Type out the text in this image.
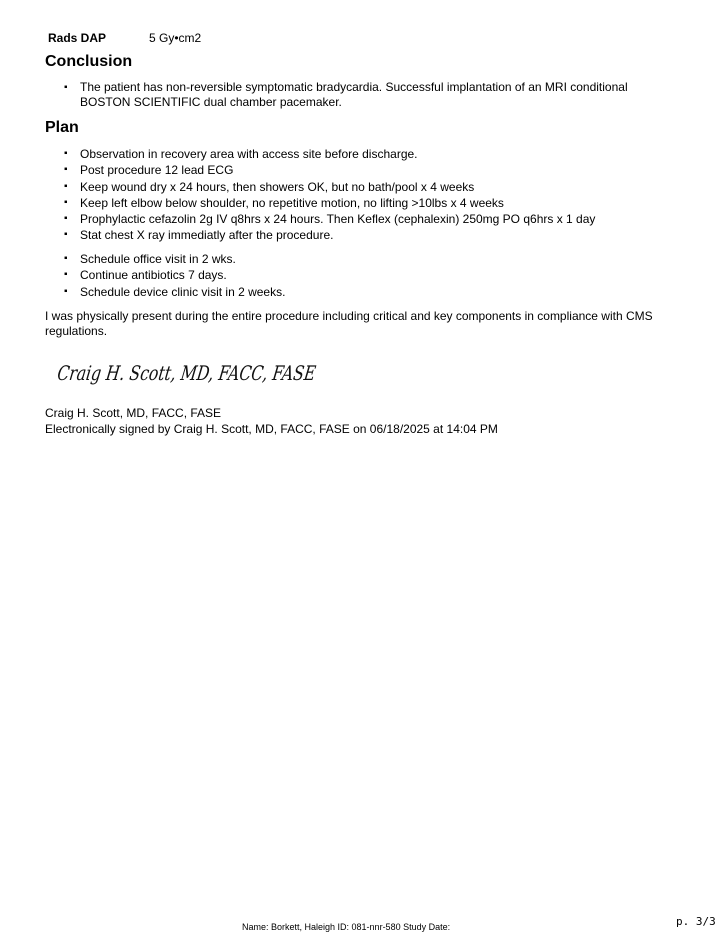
Rads DAP	5 Gy•cm2
Conclusion
▪ The patient has non-reversible symptomatic bradycardia. Successful implantation of an MRI conditional BOSTON SCIENTIFIC dual chamber pacemaker.
Plan
▪ Observation in recovery area with access site before discharge.
▪ Post procedure 12 lead ECG
▪ Keep wound dry x 24 hours, then showers OK, but no bath/pool x 4 weeks
▪ Keep left elbow below shoulder, no repetitive motion, no lifting >10lbs x 4 weeks
▪ Prophylactic cefazolin 2g IV q8hrs x 24 hours. Then Keflex (cephalexin) 250mg PO q6hrs x 1 day
▪ Stat chest X ray immediatly after the procedure.
▪ Schedule office visit in 2 wks.
▪ Continue antibiotics 7 days.
▪ Schedule device clinic visit in 2 weeks.

I was physically present during the entire procedure including critical and key components in compliance with CMS regulations.

Craig H. Scott, MD, FACC, FASE
Craig H. Scott, MD, FACC, FASE
Electronically signed by Craig H. Scott, MD, FACC, FASE on 06/18/2025 at 14:04 PM
Name: Borkett, Haleigh ID: 081-nnr-580 Study Date:	p. 3/3
